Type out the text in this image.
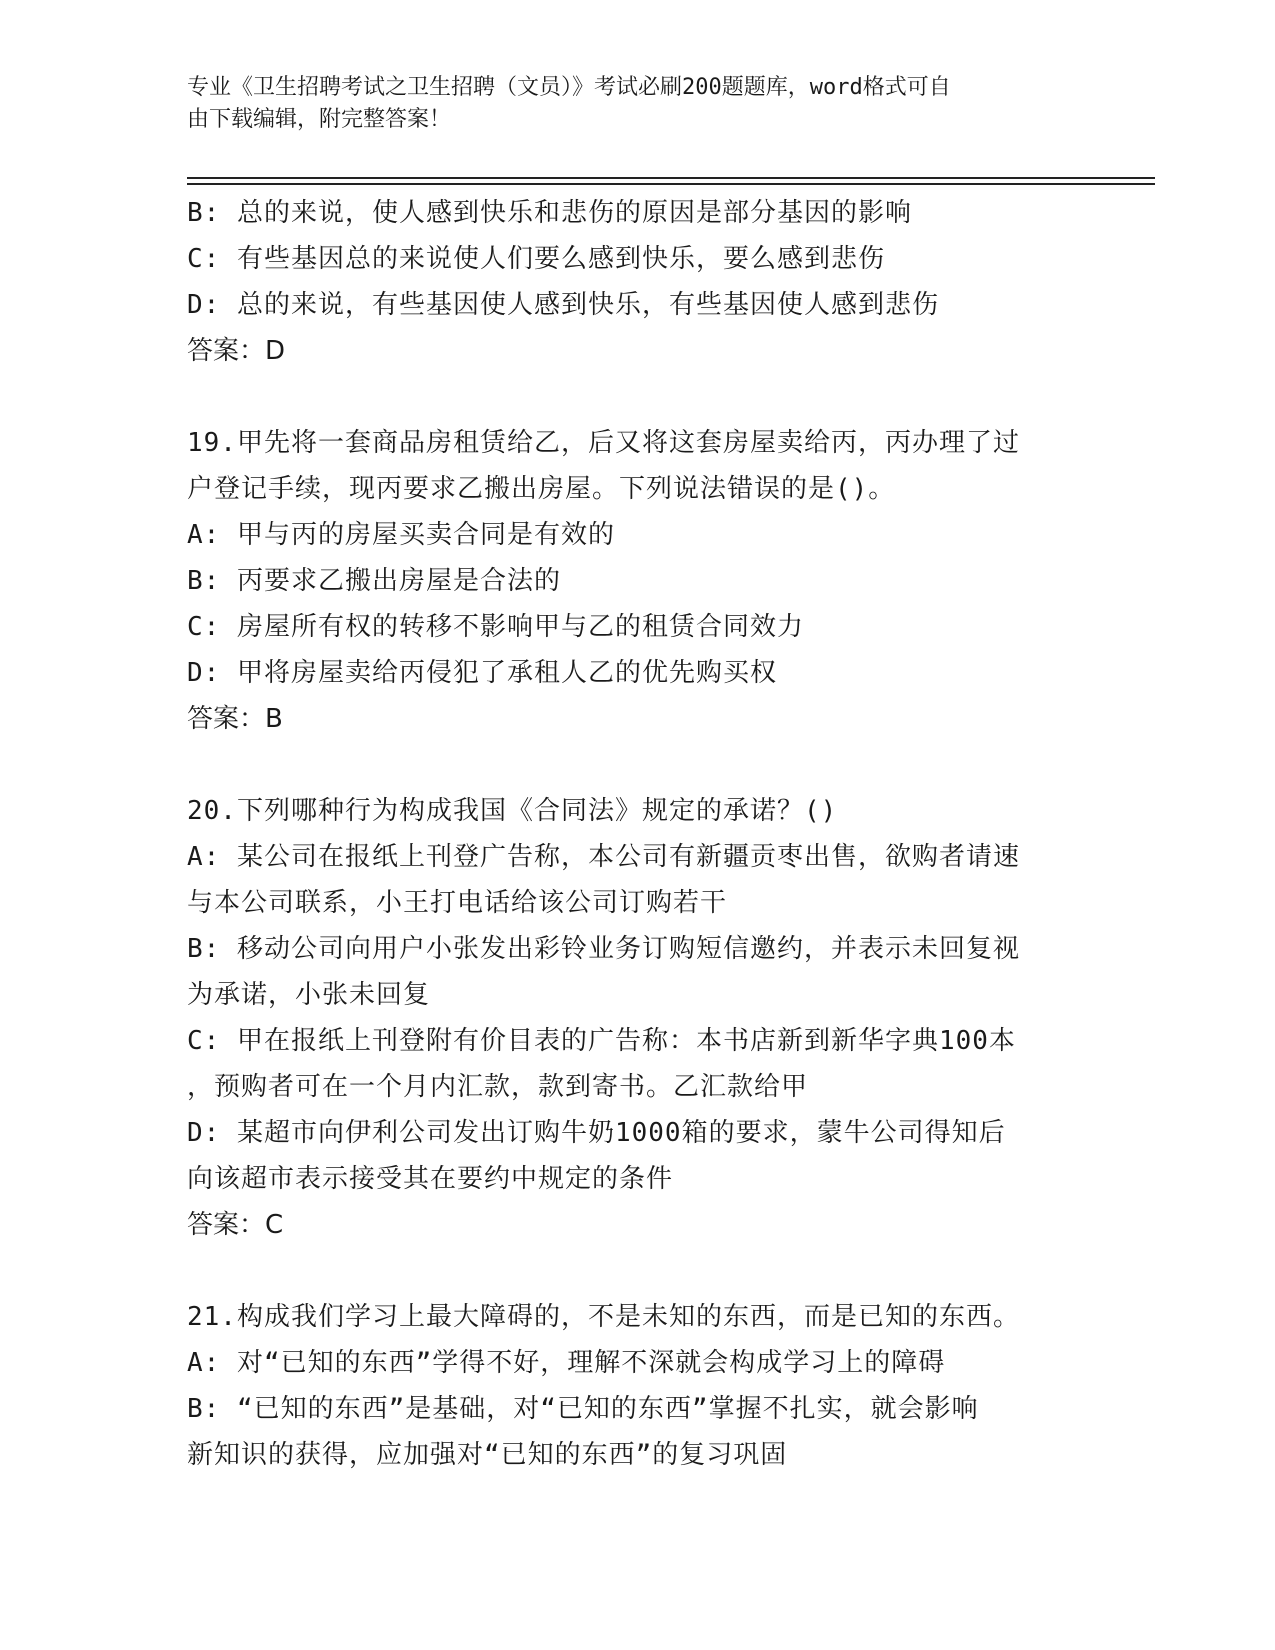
专业《卫生招聘考试之卫生招聘（文员）》考试必刷200题题库，word格式可自
由下载编辑，附完整答案！
B: 总的来说，使人感到快乐和悲伤的原因是部分基因的影响
C: 有些基因总的来说使人们要么感到快乐，要么感到悲伤
D: 总的来说，有些基因使人感到快乐，有些基因使人感到悲伤
答案：D
19.甲先将一套商品房租赁给乙，后又将这套房屋卖给丙，丙办理了过
户登记手续，现丙要求乙搬出房屋。下列说法错误的是()。
A: 甲与丙的房屋买卖合同是有效的
B: 丙要求乙搬出房屋是合法的
C: 房屋所有权的转移不影响甲与乙的租赁合同效力
D: 甲将房屋卖给丙侵犯了承租人乙的优先购买权
答案：B
20.下列哪种行为构成我国《合同法》规定的承诺？()
A: 某公司在报纸上刊登广告称，本公司有新疆贡枣出售，欲购者请速
与本公司联系，小王打电话给该公司订购若干
B: 移动公司向用户小张发出彩铃业务订购短信邀约，并表示未回复视
为承诺，小张未回复
C: 甲在报纸上刊登附有价目表的广告称：本书店新到新华字典100本
，预购者可在一个月内汇款，款到寄书。乙汇款给甲
D: 某超市向伊利公司发出订购牛奶1000箱的要求，蒙牛公司得知后
向该超市表示接受其在要约中规定的条件
答案：C
21.构成我们学习上最大障碍的，不是未知的东西，而是已知的东西。
A: 对“已知的东西”学得不好，理解不深就会构成学习上的障碍
B: “已知的东西”是基础，对“已知的东西”掌握不扎实，就会影响
新知识的获得，应加强对“已知的东西”的复习巩固
